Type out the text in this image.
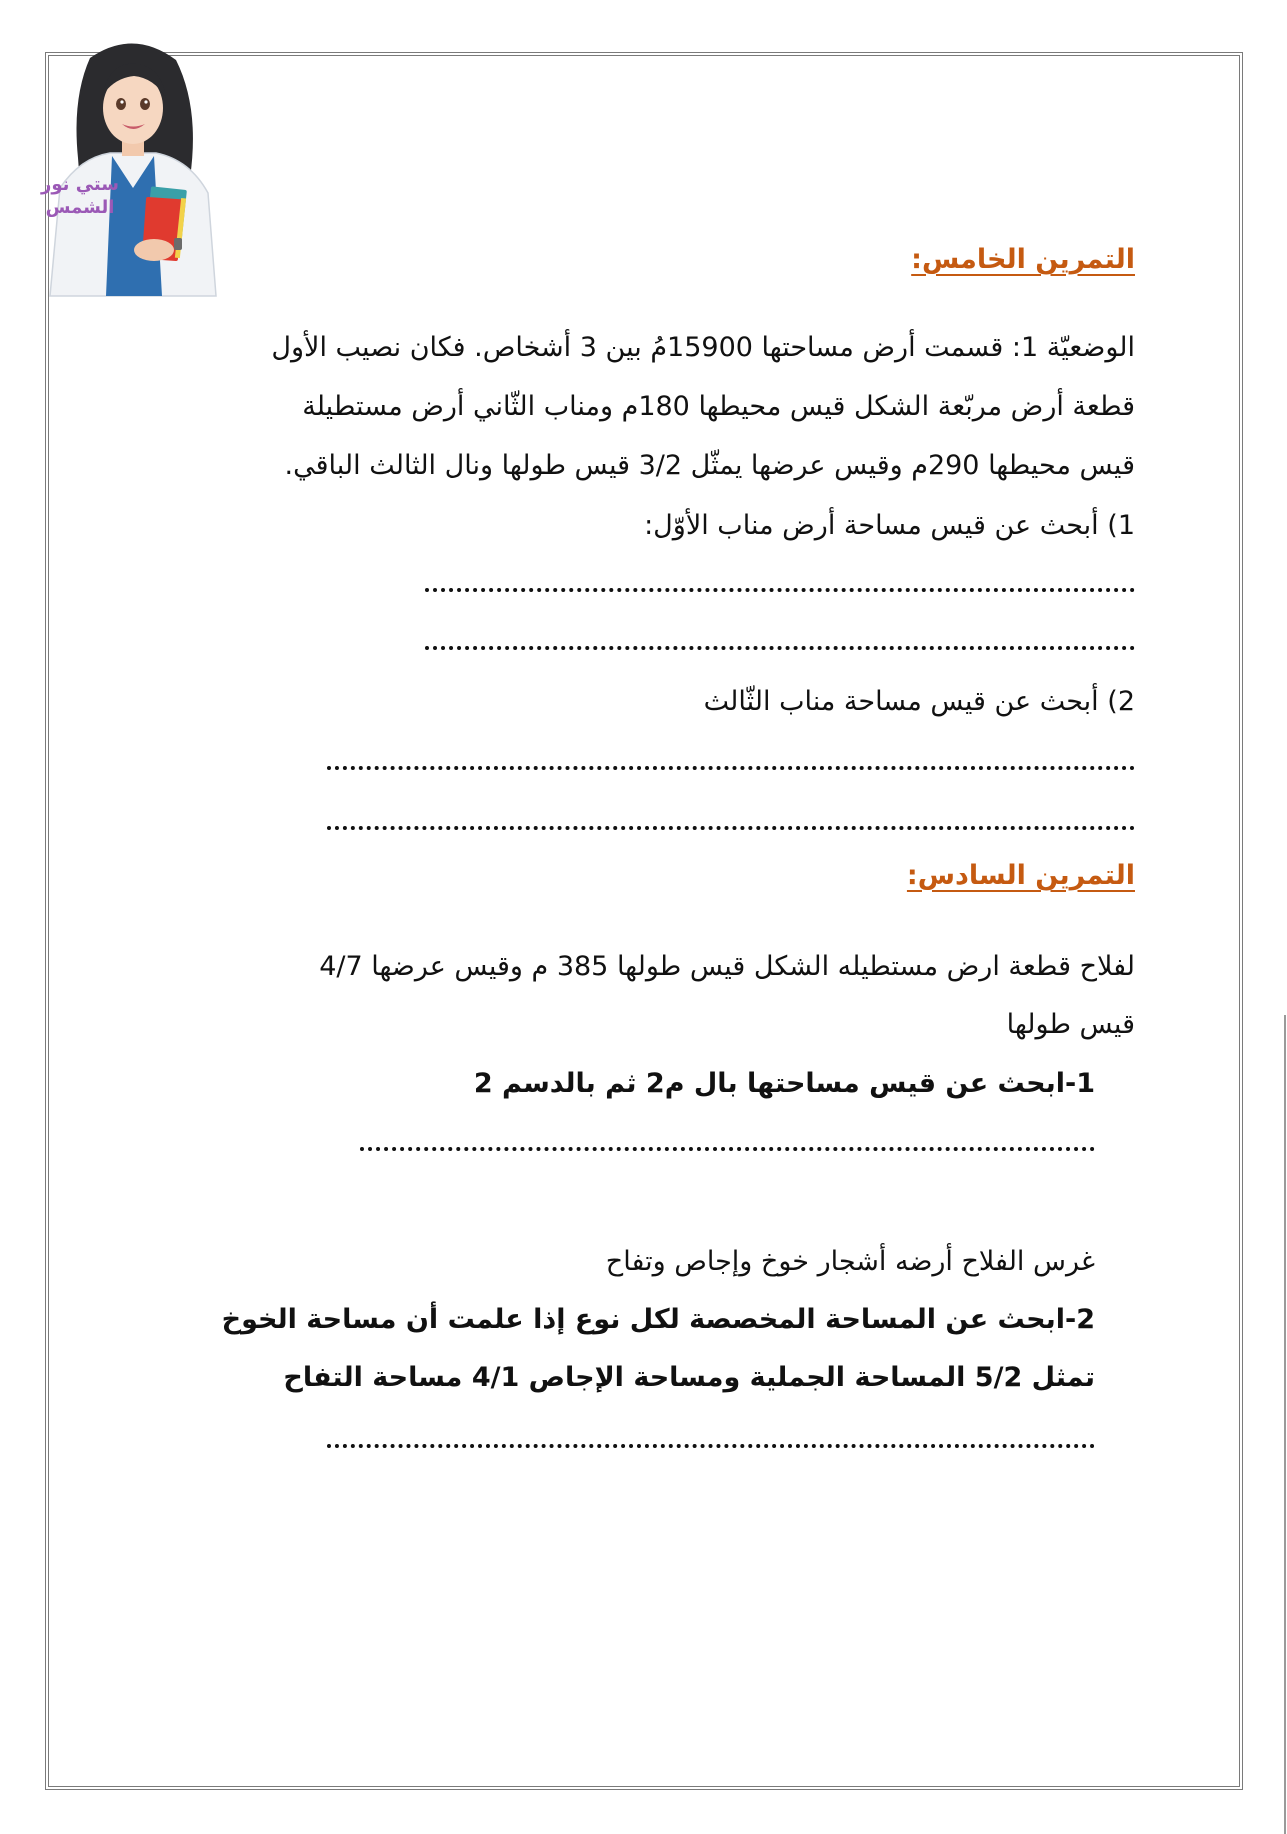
ستي نور
الشمس
التمرين الخامس:
الوضعيّة 1: قسمت أرض مساحتها 15900مُ بين 3 أشخاص. فكان نصيب الأول
قطعة أرض مربّعة الشكل قيس محيطها 180م ومناب الثّاني أرض مستطيلة
قيس محيطها 290م وقيس عرضها يمثّل 3/2 قيس طولها ونال الثالث الباقي.
1) أبحث عن قيس مساحة أرض مناب الأوّل:
2) أبحث عن قيس مساحة مناب الثّالث
التمرين السادس:
لفلاح قطعة ارض مستطيله الشكل قيس طولها 385 م وقيس عرضها 4/7
قيس طولها
1-ابحث عن قيس مساحتها بال م2 ثم بالدسم 2
غرس الفلاح أرضه أشجار خوخ وإجاص وتفاح
2-ابحث عن المساحة المخصصة لكل نوع إذا علمت أن مساحة الخوخ
تمثل 5/2 المساحة الجملية ومساحة الإجاص 4/1 مساحة التفاح
